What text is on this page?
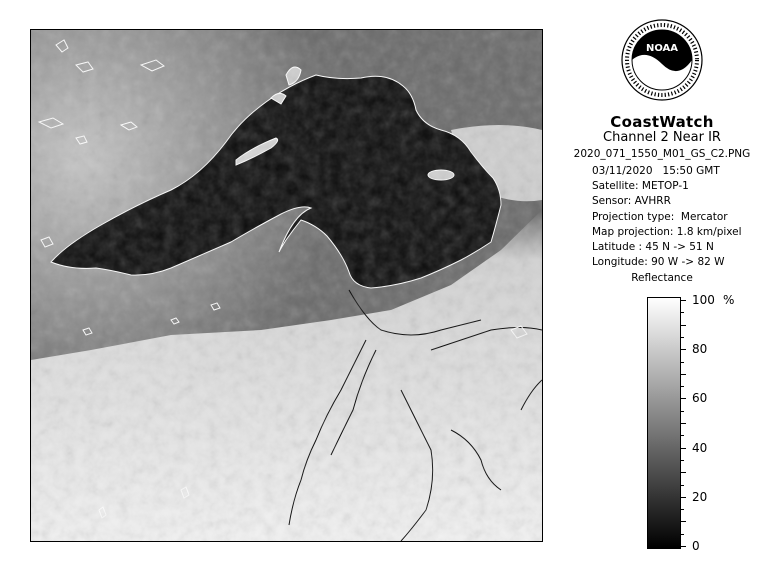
NOAA
CoastWatch
Channel 2 Near IR
2020_071_1550_M01_GS_C2.PNG
03/11/2020   15:50 GMT
Satellite: METOP-1
Sensor: AVHRR
Projection type:  Mercator
Map projection: 1.8 km/pixel
Latitude : 45 N -> 51 N
Longitude: 90 W -> 82 W
Reflectance
100
80
60
40
20
0
%
